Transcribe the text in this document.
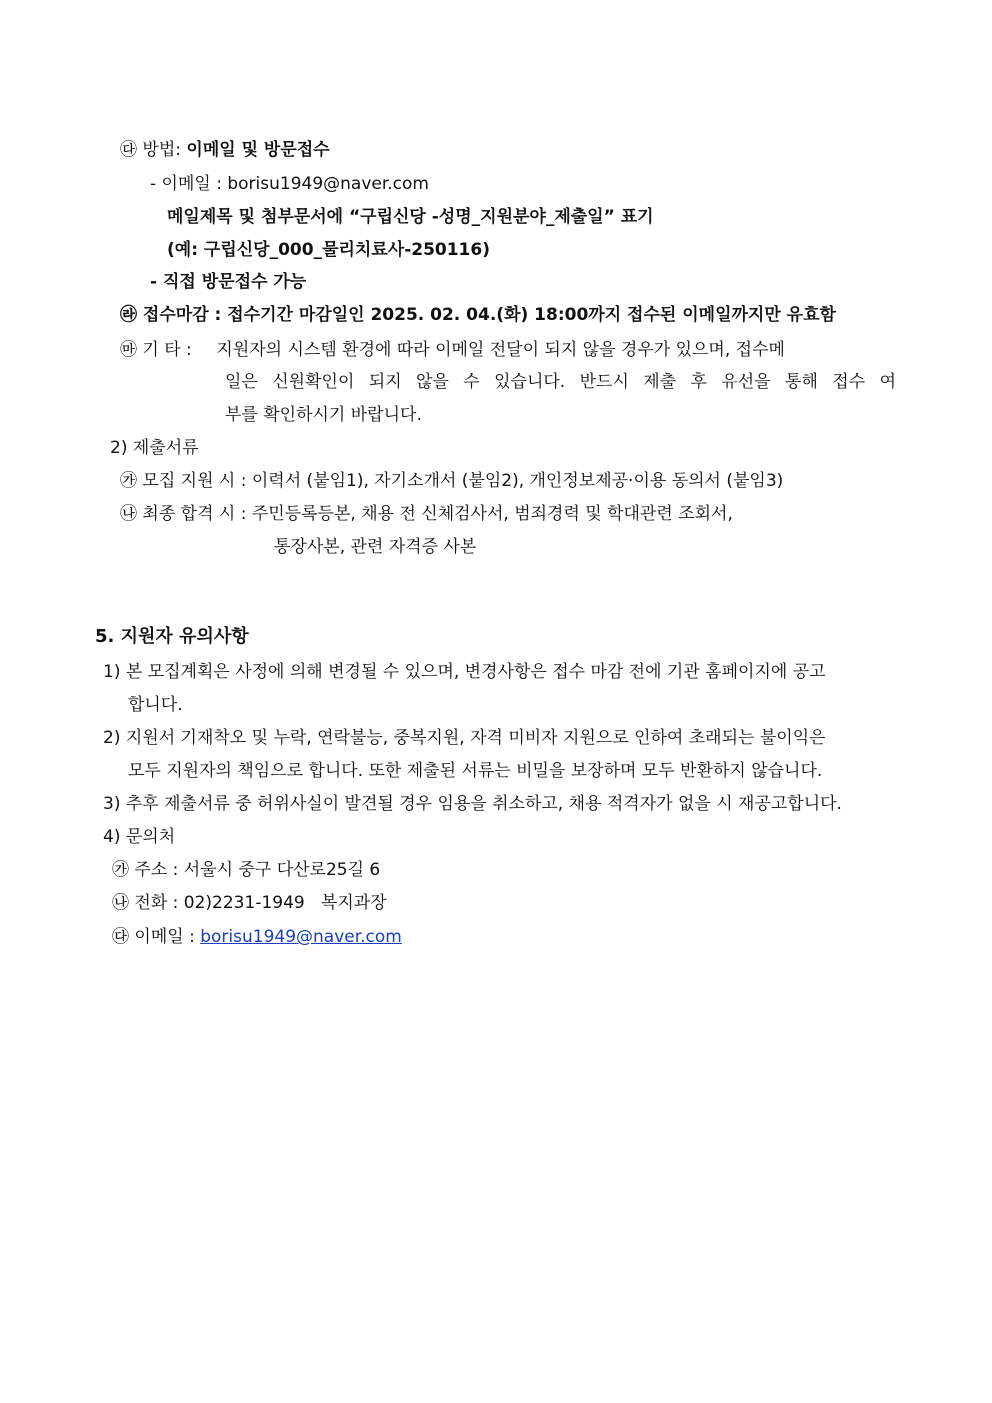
㉰ 방법: 이메일 및 방문접수
- 이메일 : borisu1949@naver.com
메일제목 및 첨부문서에 “구립신당 -성명_지원분야_제출일” 표기
(예: 구립신당_000_물리치료사-250116)
- 직접 방문접수 가능
㉱ 접수마감 : 접수기간 마감일인 2025. 02. 04.(화) 18:00까지 접수된 이메일까지만 유효함
㉲ 기 타 : 지원자의 시스템 환경에 따라 이메일 전달이 되지 않을 경우가 있으며, 접수메
일은 신원확인이 되지 않을 수 있습니다. 반드시 제출 후 유선을 통해 접수 여
부를 확인하시기 바랍니다.
2) 제출서류
㉮ 모집 지원 시 : 이력서 (붙임1), 자기소개서 (붙임2), 개인정보제공·이용 동의서 (붙임3)
㉯ 최종 합격 시 : 주민등록등본, 채용 전 신체검사서, 범죄경력 및 학대관련 조회서,
통장사본, 관련 자격증 사본
5. 지원자 유의사항
1) 본 모집계획은 사정에 의해 변경될 수 있으며, 변경사항은 접수 마감 전에 기관 홈페이지에 공고
합니다.
2) 지원서 기재착오 및 누락, 연락불능, 중복지원, 자격 미비자 지원으로 인하여 초래되는 불이익은
모두 지원자의 책임으로 합니다. 또한 제출된 서류는 비밀을 보장하며 모두 반환하지 않습니다.
3) 추후 제출서류 중 허위사실이 발견될 경우 임용을 취소하고, 채용 적격자가 없을 시 재공고합니다.
4) 문의처
㉮ 주소 : 서울시 중구 다산로25길 6
㉯ 전화 : 02)2231-1949   복지과장
㉰ 이메일 : borisu1949@naver.com
